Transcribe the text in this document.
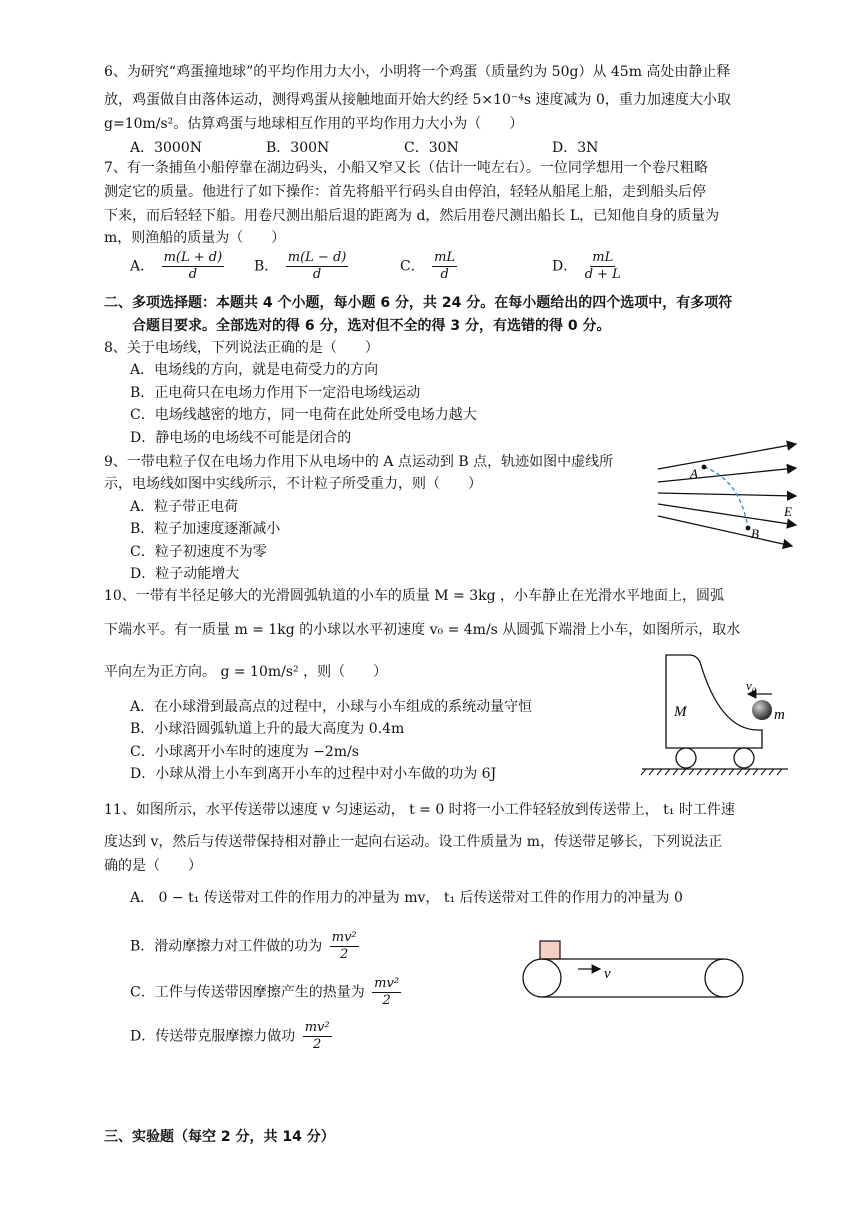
6、为研究“鸡蛋撞地球”的平均作用力大小，小明将一个鸡蛋（质量约为 50g）从 45m 高处由静止释
放，鸡蛋做自由落体运动，测得鸡蛋从接触地面开始大约经 5×10⁻⁴s 速度减为 0，重力加速度大小取
g=10m/s²。估算鸡蛋与地球相互作用的平均作用力大小为（　　）
A．3000N	B．300N	C．30N	D．3N
7、有一条捕鱼小船停靠在湖边码头，小船又窄又长（估计一吨左右）。一位同学想用一个卷尺粗略
测定它的质量。他进行了如下操作：首先将船平行码头自由停泊，轻轻从船尾上船，走到船头后停
下来，而后轻轻下船。用卷尺测出船后退的距离为 d，然后用卷尺测出船长 L，已知他自身的质量为
m，则渔船的质量为（　　）
A． $\frac{m(L + d)}{d}$ B． $\frac{m(L - d)}{d}$	C． $\frac{mL}{d}$	D． $\frac{mL}{d + L}$
二、多项选择题：本题共 4 个小题，每小题 6 分，共 24 分。在每小题给出的四个选项中，有多项符
合题目要求。全部选对的得 6 分，选对但不全的得 3 分，有选错的得 0 分。
8、关于电场线，下列说法正确的是（　　）
A．电场线的方向，就是电荷受力的方向
B．正电荷只在电场力作用下一定沿电场线运动
C．电场线越密的地方，同一电荷在此处所受电场力越大
D．静电场的电场线不可能是闭合的
9、一带电粒子仅在电场力作用下从电场中的 A 点运动到 B 点，轨迹如图中虚线所
示，电场线如图中实线所示，不计粒子所受重力，则（　　）
A．粒子带正电荷
B．粒子加速度逐渐减小
C．粒子初速度不为零
D．粒子动能增大
A
B
E
10、一带有半径足够大的光滑圆弧轨道的小车的质量 M = 3kg ，小车静止在光滑水平地面上，圆弧
下端水平。有一质量 m = 1kg 的小球以水平初速度 v₀ = 4m/s 从圆弧下端滑上小车，如图所示，取水
平向左为正方向。 g = 10m/s² ，则（　　）
A．在小球滑到最高点的过程中，小球与小车组成的系统动量守恒
B．小球沿圆弧轨道上升的最大高度为 0.4m
C．小球离开小车时的速度为 −2m/s
D．小球从滑上小车到离开小车的过程中对小车做的功为 6J
v₀
M	m
11、如图所示，水平传送带以速度 v 匀速运动， t = 0 时将一小工件轻轻放到传送带上， t₁ 时工件速
度达到 v，然后与传送带保持相对静止一起向右运动。设工件质量为 m，传送带足够长，下列说法正
确的是（　　）
A． 0 − t₁ 传送带对工件的作用力的冲量为 mv， t₁ 后传送带对工件的作用力的冲量为 0
B．滑动摩擦力对工件做的功为 $\frac{\text{mv²}}{2}$
C．工件与传送带因摩擦产生的热量为 $\frac{\text{mv²}}{2}$
D．传送带克服摩擦力做功 $\frac{\text{mv²}}{2}$
v
三、实验题（每空 2 分，共 14 分）
